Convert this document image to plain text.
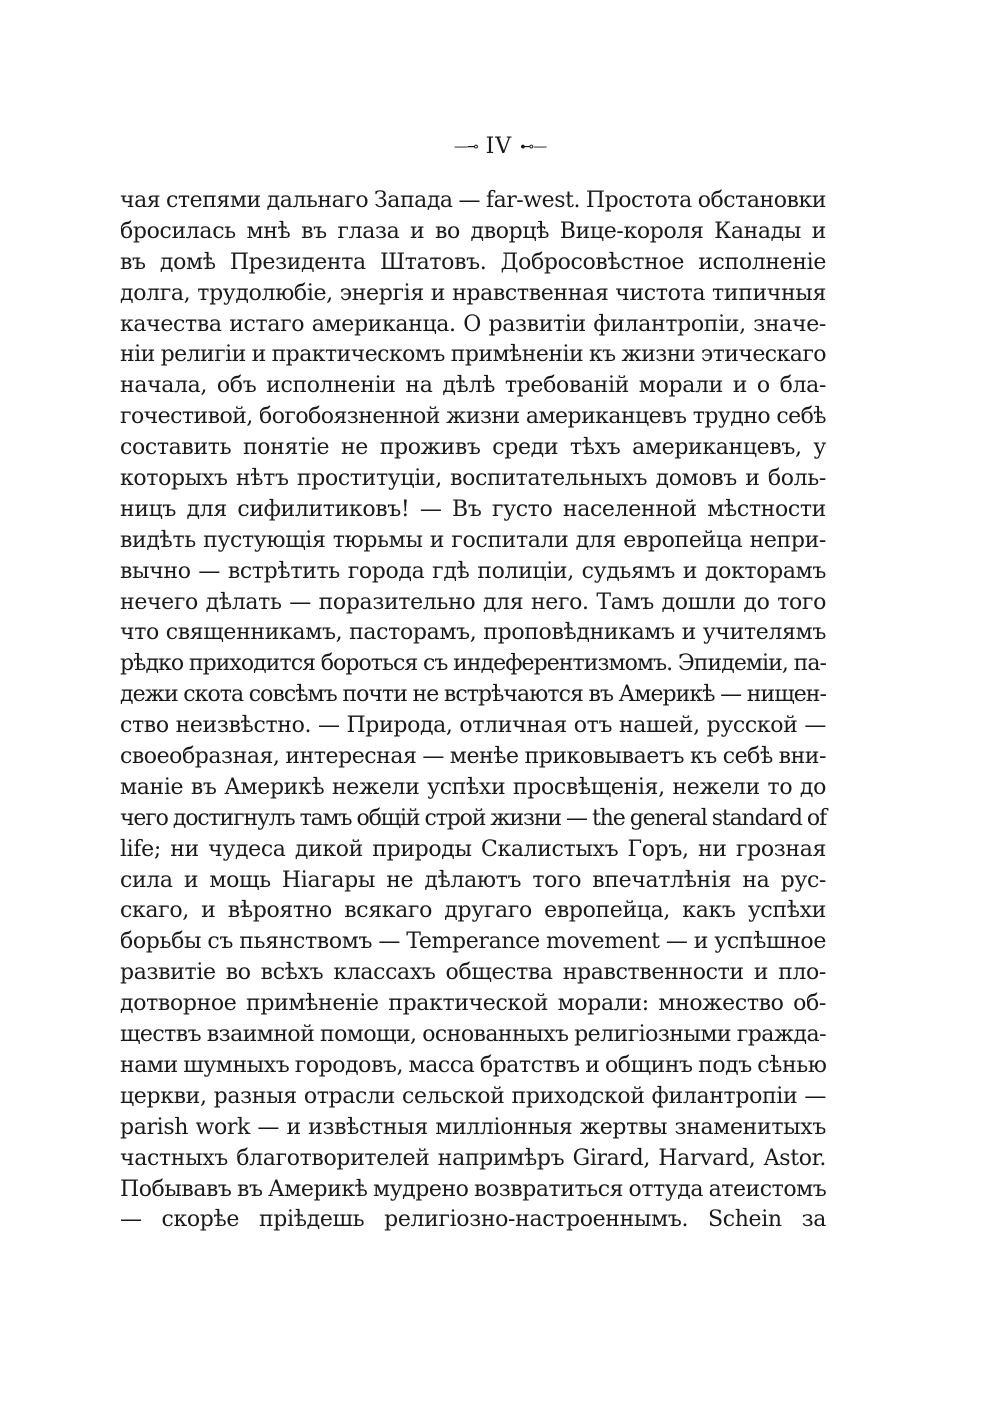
—⊸ IV ⊷—
чая степями дальнаго Запада — far-west. Простота обстановки
бросилась мнѣ въ глаза и во дворцѣ Вице-короля Канады и
въ домѣ Президента Штатовъ. Добросовѣстное исполненіе
долга, трудолюбіе, энергія и нравственная чистота типичныя
качества истаго американца. О развитіи филантропіи, значе-
ніи религіи и практическомъ примѣненіи къ жизни этическаго
начала, объ исполненіи на дѣлѣ требованій морали и о бла-
гочестивой, богобоязненной жизни американцевъ трудно себѣ
составить понятіе не проживъ среди тѣхъ американцевъ, у
которыхъ нѣтъ проституціи, воспитательныхъ домовъ и боль-
ницъ для сифилитиковъ! — Въ густо населенной мѣстности
видѣть пустующія тюрьмы и госпитали для европейца непри-
вычно — встрѣтить города гдѣ полиціи, судьямъ и докторамъ
нечего дѣлать — поразительно для него. Тамъ дошли до того
что священникамъ, пасторамъ, проповѣдникамъ и учителямъ
рѣдко приходится бороться съ индеферентизмомъ. Эпидеміи, па-
дежи скота совсѣмъ почти не встрѣчаются въ Америкѣ — нищен-
ство неизвѣстно. — Природа, отличная отъ нашей, русской —
своеобразная, интересная — менѣе приковываетъ къ себѣ вни-
маніе въ Америкѣ нежели успѣхи просвѣщенія, нежели то до
чего достигнулъ тамъ общій строй жизни — the general standard of
life; ни чудеса дикой природы Скалистыхъ Горъ, ни грозная
сила и мощь Ніагары не дѣлаютъ того впечатлѣнія на рус-
скаго, и вѣроятно всякаго другаго европейца, какъ успѣхи
борьбы съ пьянствомъ — Temperance movement — и успѣшное
развитіе во всѣхъ классахъ общества нравственности и пло-
дотворное примѣненіе практической морали: множество об-
ществъ взаимной помощи, основанныхъ религіозными гражда-
нами шумныхъ городовъ, масса братствъ и общинъ подъ сѣнью
церкви, разныя отрасли сельской приходской филантропіи —
parish work — и извѣстныя милліонныя жертвы знаменитыхъ
частныхъ благотворителей напримѣръ Girard, Harvard, Astor.
Побывавъ въ Америкѣ мудрено возвратиться оттуда атеистомъ
— скорѣе пріѣдешь религіозно-настроеннымъ. Schein за
